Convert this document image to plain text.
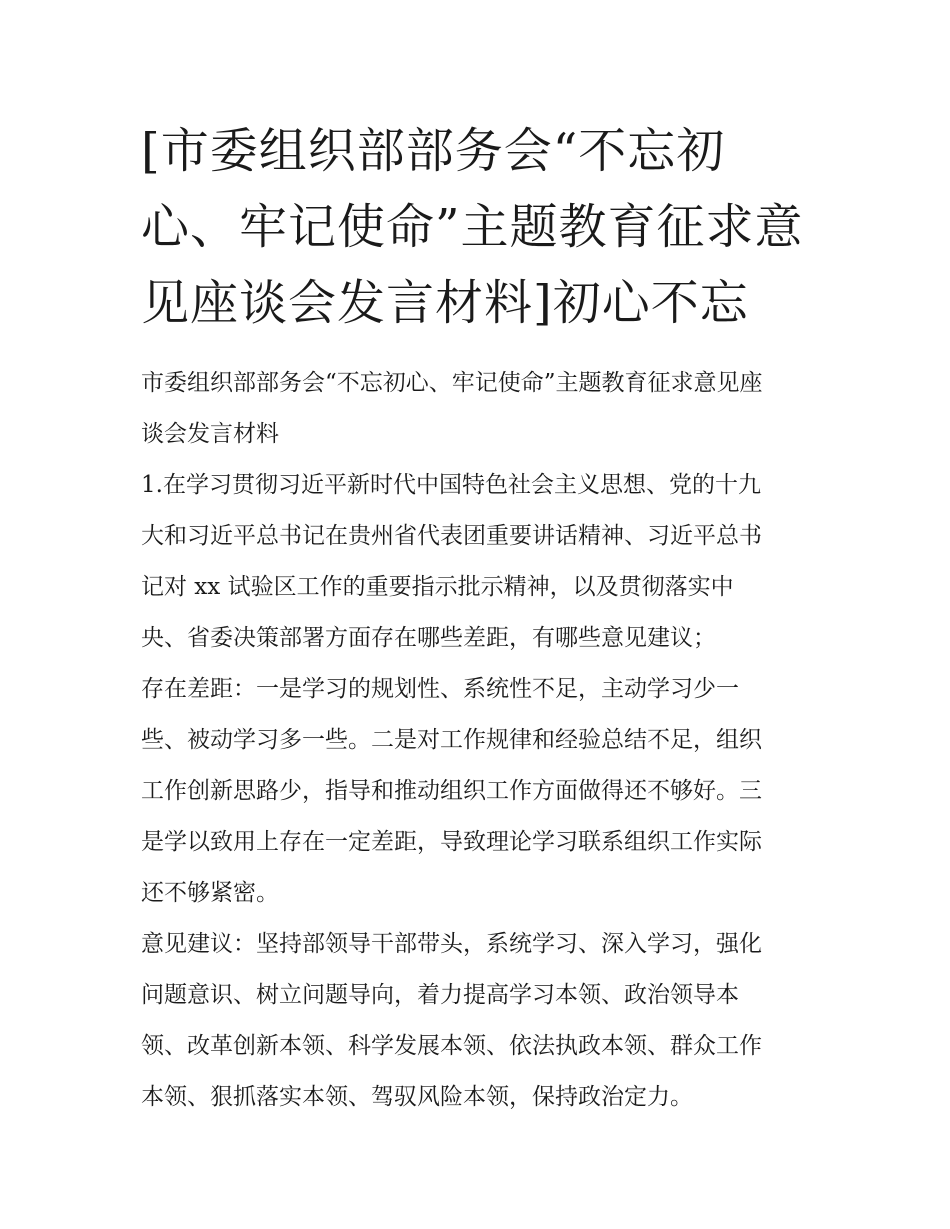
[市委组织部部务会“不忘初
心、牢记使命”主题教育征求意
见座谈会发言材料]初心不忘

市委组织部部务会“不忘初心、牢记使命”主题教育征求意见座
谈会发言材料

1.在学习贯彻习近平新时代中国特色社会主义思想、党的十九
大和习近平总书记在贵州省代表团重要讲话精神、习近平总书
记对 xx 试验区工作的重要指示批示精神，以及贯彻落实中
央、省委决策部署方面存在哪些差距，有哪些意见建议；

存在差距：一是学习的规划性、系统性不足，主动学习少一
些、被动学习多一些。二是对工作规律和经验总结不足，组织
工作创新思路少，指导和推动组织工作方面做得还不够好。三
是学以致用上存在一定差距，导致理论学习联系组织工作实际
还不够紧密。

意见建议：坚持部领导干部带头，系统学习、深入学习，强化
问题意识、树立问题导向，着力提高学习本领、政治领导本
领、改革创新本领、科学发展本领、依法执政本领、群众工作
本领、狠抓落实本领、驾驭风险本领，保持政治定力。
